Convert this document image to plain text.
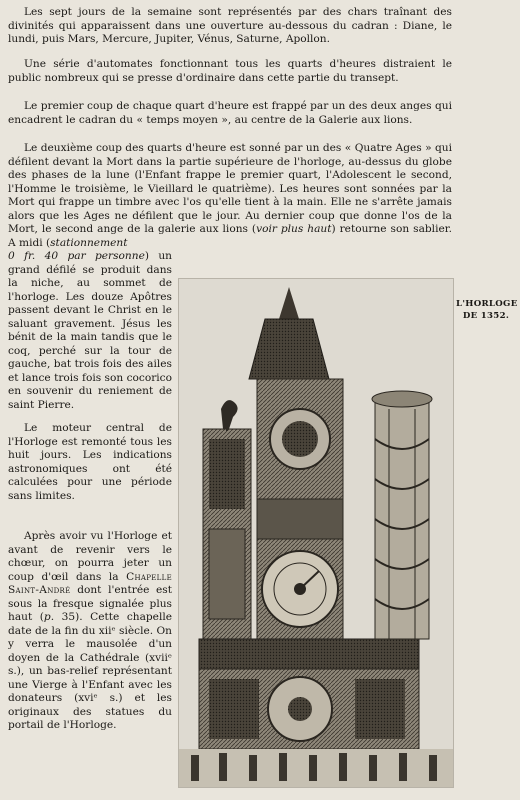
Les sept jours de la semaine sont représentés par des chars traînant des divinités qui apparaissent dans une ouverture au-dessous du cadran : Diane, le lundi, puis Mars, Mercure, Jupiter, Vénus, Saturne, Apollon.

Une série d'automates fonctionnant tous les quarts d'heures distraient le public nombreux qui se presse d'ordinaire dans cette partie du transept.

Le premier coup de chaque quart d'heure est frappé par un des deux anges qui encadrent le cadran du « temps moyen », au centre de la Galerie aux lions.

Le deuxième coup des quarts d'heure est sonné par un des « Quatre Ages » qui défilent devant la Mort dans la partie supérieure de l'horloge, au-dessus du globe des phases de la lune (l'Enfant frappe le premier quart, l'Adolescent le second, l'Homme le troisième, le Vieillard le quatrième). Les heures sont sonnées par la Mort qui frappe un timbre avec l'os qu'elle tient à la main. Elle ne s'arrête jamais alors que les Ages ne défilent que le jour. Au dernier coup que donne l'os de la Mort, le second ange de la galerie aux lions (voir plus haut) retourne son sablier. A midi (stationnement

0 fr. 40 par personne) un grand défilé se produit dans la niche, au sommet de l'horloge. Les douze Apôtres passent devant le Christ en le saluant gravement. Jésus les bénit de la main tandis que le coq, perché sur la tour de gauche, bat trois fois des ailes et lance trois fois son cocorico en souvenir du reniement de saint Pierre.

Le moteur central de l'Horloge est remonté tous les huit jours. Les indications astronomiques ont été calculées pour une période sans limites.

Après avoir vu l'Horloge et avant de revenir vers le chœur, on pourra jeter un coup d'œil dans la Chapelle Saint-André dont l'entrée est sous la fresque signalée plus haut (p. 35). Cette chapelle date de la fin du xiiᵉ siècle. On y verra le mausolée d'un doyen de la Cathédrale (xviiᵉ s.), un bas-relief représentant une Vierge à l'Enfant avec les donateurs (xviᵉ s.) et les originaux des statues du portail de l'Horloge.

L'HORLOGE
DE 1352.
